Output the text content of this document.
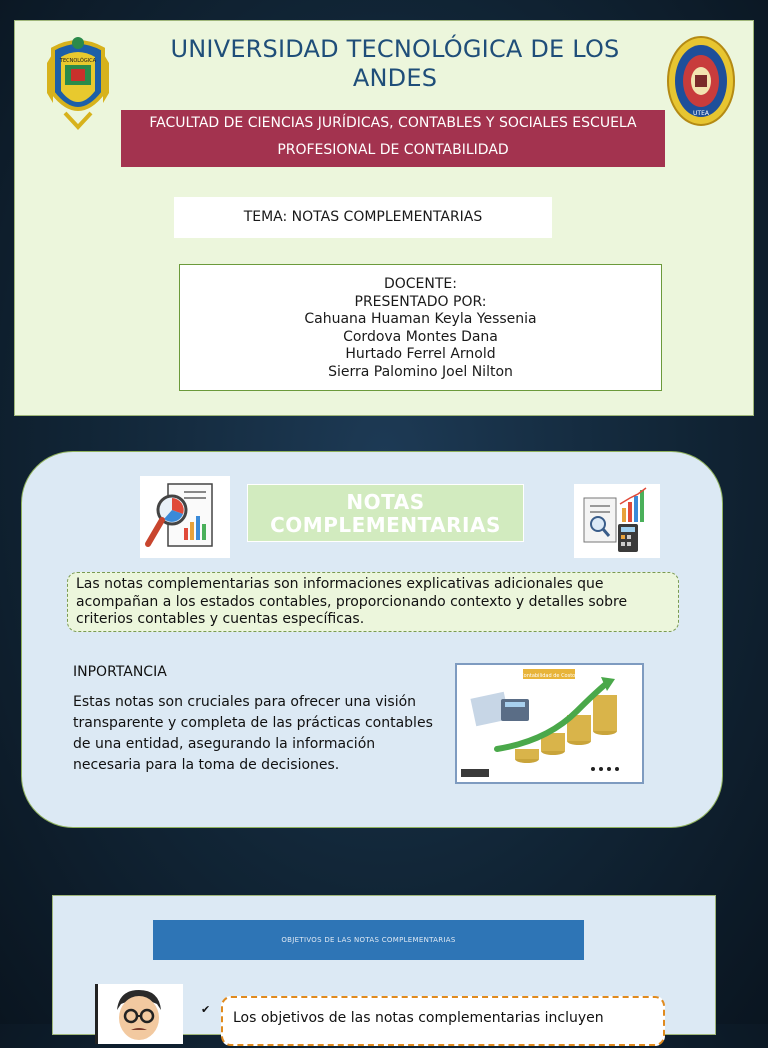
TECNOLÓGICA	UNIVERSIDAD TECNOLÓGICA DE LOS
ANDES
UTEA
FACULTAD DE CIENCIAS JURÍDICAS, CONTABLES Y SOCIALES ESCUELA
PROFESIONAL DE CONTABILIDAD
TEMA: NOTAS COMPLEMENTARIAS
DOCENTE:
PRESENTADO POR:
Cahuana Huaman Keyla Yessenia
Cordova Montes Dana
Hurtado Ferrel Arnold
Sierra Palomino Joel Nilton
NOTAS
COMPLEMENTARIAS
Las notas complementarias son informaciones explicativas adicionales que acompañan a los estados contables, proporcionando contexto y detalles sobre criterios contables y cuentas específicas.
INPORTANCIA
Estas notas son cruciales para ofrecer una visión transparente y completa de las prácticas contables de una entidad, asegurando la información necesaria para la toma de decisiones.
Contabilidad de Costos
OBJETIVOS DE LAS NOTAS COMPLEMENTARIAS
✔
Los objetivos de las notas complementarias incluyen
